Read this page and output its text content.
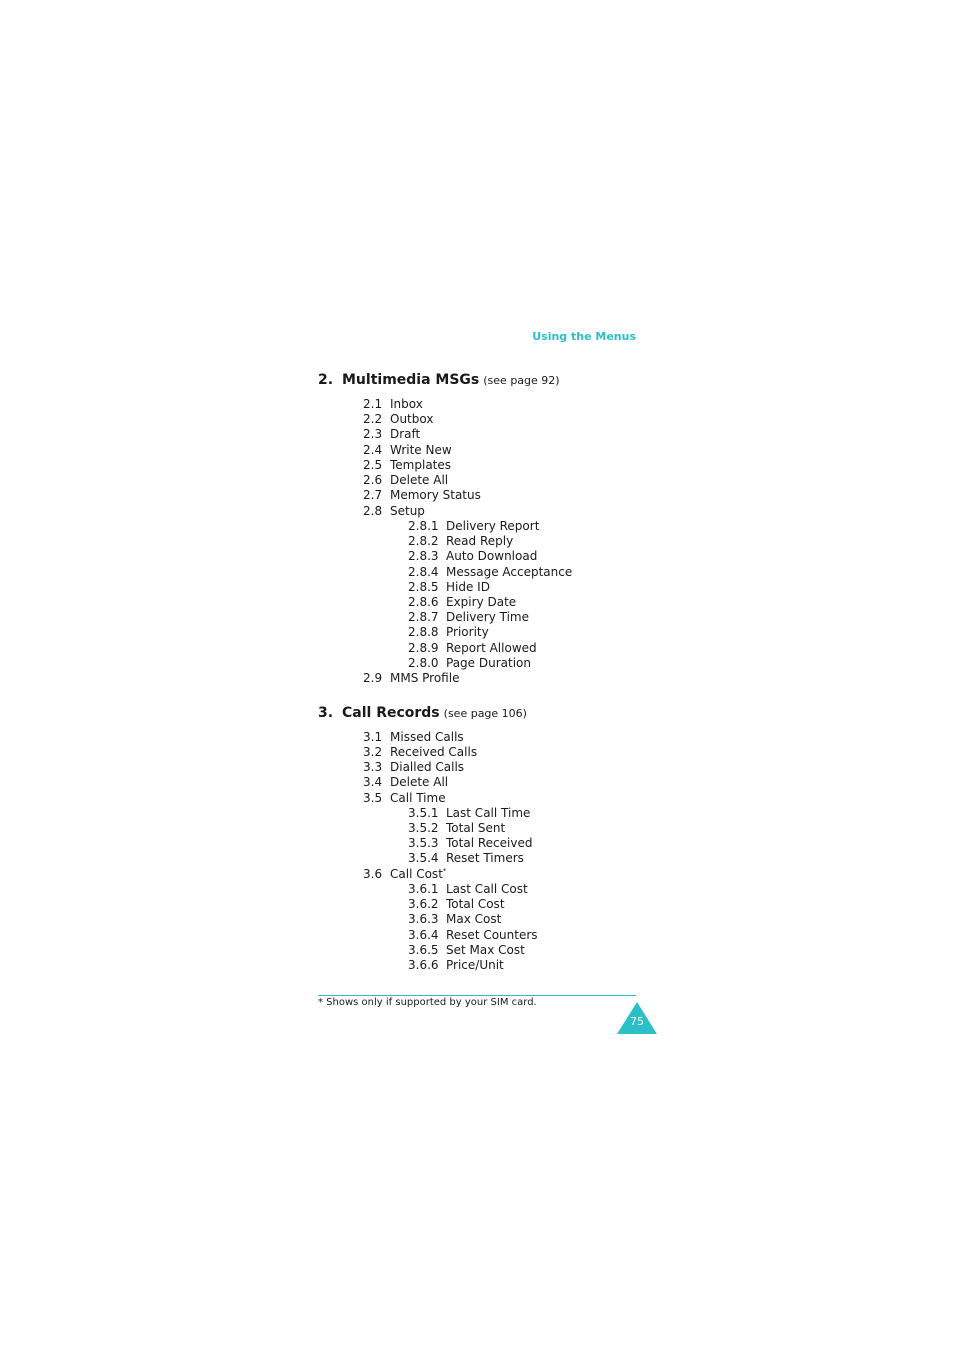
Using the Menus
2. Multimedia MSGs (see page 92)
2.1 Inbox
2.2 Outbox
2.3 Draft
2.4 Write New
2.5 Templates
2.6 Delete All
2.7 Memory Status
2.8 Setup
2.8.1 Delivery Report
2.8.2 Read Reply
2.8.3 Auto Download
2.8.4 Message Acceptance
2.8.5 Hide ID
2.8.6 Expiry Date
2.8.7 Delivery Time
2.8.8 Priority
2.8.9 Report Allowed
2.8.0 Page Duration
2.9 MMS Profile
3. Call Records (see page 106)
3.1 Missed Calls
3.2 Received Calls
3.3 Dialled Calls
3.4 Delete All
3.5 Call Time
3.5.1 Last Call Time
3.5.2 Total Sent
3.5.3 Total Received
3.5.4 Reset Timers
3.6 Call Cost*
3.6.1 Last Call Cost
3.6.2 Total Cost
3.6.3 Max Cost
3.6.4 Reset Counters
3.6.5 Set Max Cost
3.6.6 Price/Unit
* Shows only if supported by your SIM card.
75
